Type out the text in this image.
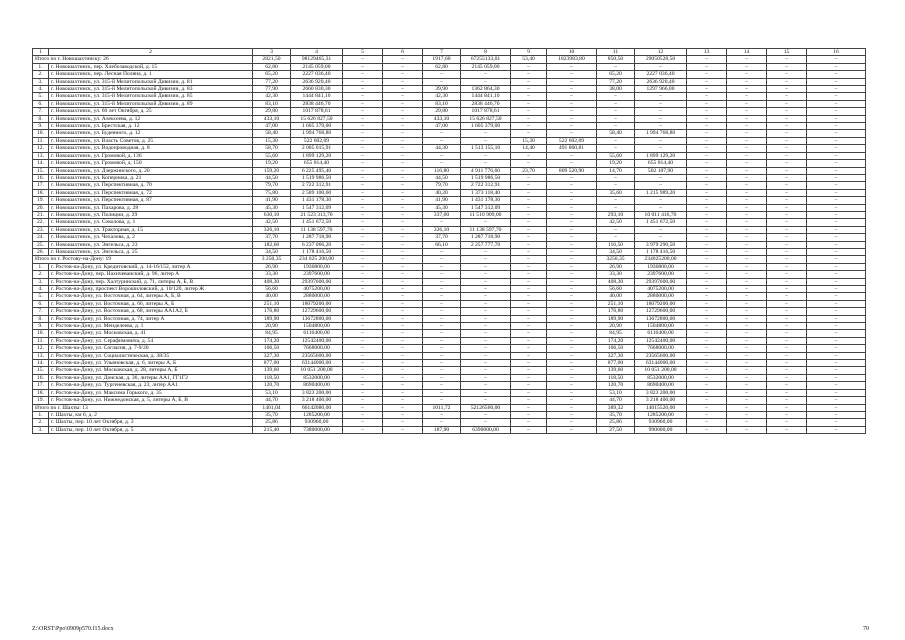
1	2	3	4	5	6	7	8	9	10	11	12	13	14	15	16
Итого по г. Новошахтинску: 26		2821,50	98129465,31	–	–	1917,60	67255133,01	53,40	1823983,80	850,50	29050528,50	–	–	–	–
1.	г. Новошахтинск, пер. Хлебозаводской, д. 15	62,80	2145 059,00	–	–	62,80	2145 059,00	–	–	–	–	–	–	–	–
2.	г. Новошахтинск, пер. Лесная Поляна, д. 1	65,20	2227 036,40	–	–	–	–	–	–	65,20	2227 036,40	–	–	–	–
3.	г. Новошахтинск, ул. 315-й Мелитопольской Дивизии, д. 81	77,20	2636 920,40	–	–	–	–	–	–	77,20	2636 920,40	–	–	–	–
4.	г. Новошахтинск, ул. 315-й Мелитопольской Дивизии, д. 83	77,90	2660 830,30	–	–	39,90	1362 864,30	–	–	38,00	1297 966,00	–	–	–	–
5.	г. Новошахтинск, ул. 315-й Мелитопольской Дивизии, д. 85	42,30	1444 841,10	–	–	42,30	1444 841,10	–	–	–	–	–	–	–	–
6.	г. Новошахтинск, ул. 315-й Мелитопольской Дивизии, д. 89	83,10	2838 446,70	–	–	83,10	2838 446,70	–	–	–	–	–	–	–	–
7.	г. Новошахтинск, ул. 60 лет Октября, д. 25	29,80	1017 878,61	–	–	29,80	1017 878,61	–	–	–	–	–	–	–	–
8.	г. Новошахтинск, ул. Алексеева, д. 12	433,10	15 626 827,50	–	–	433,10	15 626 827,50	–	–	–	–	–	–	–	–
9.	г. Новошахтинск, ул. Брестская, д. 12	47,00	1 605 379,00	–	–	47,00	1 605 379,00	–	–	–	–	–	–	–	–
10.	г. Новошахтинск, ул. Буденного, д. 12	58,40	1 994 768,80	–	–	–	–	–	–	58,40	1 994 768,80	–	–	–	–
11.	г. Новошахтинск, ул. Власть Советов, д. 25	15,30	522 602,09	–	–	–	–	15,30	522 602,09	–	–	–	–	–	–
12.	г. Новошахтинск, ул. Водопроводная, д. 8	58,70	2 005 015,91	–	–	44,30	1 513 155,10	14,40	491 860,81	–	–	–	–	–	–
13.	г. Новошахтинск, ул. Громовой, д. 136	55,60	1 899 129,20	–	–	–	–	–	–	55,60	1 899 129,20	–	–	–	–
14.	г. Новошахтинск, ул. Громовой, д. 150	19,20	655 814,40	–	–	–	–	–	–	19,20	655 814,40	–	–	–	–
15.	г. Новошахтинск, ул. Дзержинского, д. 20	159,20	6 225 495,40	–	–	116,80	4 911 776,60	23,70	809 520,90	14,70	502 107,90	–	–	–	–
16.	г. Новошахтинск, ул. Коперника, д. 21	44,50	1 519 986,50	–	–	44,50	1 519 986,50	–	–	–	–	–	–	–	–
17.	г. Новошахтинск, ул. Перспективная, д. 70	79,70	2 722 312,91	–	–	79,70	2 722 312,91	–	–	–	–	–	–	–	–
18.	г. Новошахтинск, ул. Перспективная, д. 72	75,80	2 589 100,60	–	–	40,20	1 373 118,40	–	–	35,60	1 215 989,20	–	–	–	–
19.	г. Новошахтинск, ул. Перспективная, д. 87	41,90	1 431 178,30	–	–	41,90	1 431 178,30	–	–	–	–	–	–	–	–
20.	г. Новошахтинск, ул. Пахарова, д. 28	45,30	1 547 312,09	–	–	45,30	1 547 312,09	–	–	–	–	–	–	–	–
21.	г. Новошахтинск, ул. Полиции, д. 29	630,10	21 523 313,70	–	–	337,00	11 510 909,00	–	–	293,10	10 011 416,70	–	–	–	–
22.	г. Новошахтинск, ул. Соколова, д. 1	42,50	1 451 672,50	–	–	–	–	–	–	42,50	1 451 672,50	–	–	–	–
23.	г. Новошахтинск, ул. Тракторная, д. 15	326,10	11 138 597,70	–	–	326,10	11 138 597,70	–	–	–	–	–	–	–	–
24.	г. Новошахтинск, ул. Чехалова, д. 2	37,70	1 287 718,90	–	–	37,70	1 287 718,90	–	–	–	–	–	–	–	–
25.	г. Новошахтинск, ул. Энгельса, д. 23	182,60	6 237 066,20	–	–	66,10	2 257 777,70	–	–	116,50	3 979 290,50	–	–	–	–
26.	г. Новошахтинск, ул. Энгельса, д. 25	34,50	1 178 416,50	–	–	–	–	–	–	34,50	1 178 416,50	–	–	–	–
Итого по г. Ростову-на-Дону: 19		3 250,35	234 025 200,00	–	–	–	–	–	–	3250,35	234025200,00	–	–	–	–
1.	г. Ростов-на-Дону, ул. Кредитовский, д. 14-16/152, литер А	26,90	1936800,00	–	–	–	–	–	–	26,90	1936800,00	–	–	–	–
2.	г. Ростов-на-Дону, пер. Нахичеванский, д. 96, литер А	33,30	2397600,00	–	–	–	–	–	–	33,30	2397600,00	–	–	–	–
3.	г. Ростов-на-Дону, пер. Халтуринский, д. 71, литеры А, Б, В	408,30	29397600,00	–	–	–	–	–	–	408,30	29397600,00	–	–	–	–
4.	г. Ростов-на-Дону, проспект Ворошиловский, д. 10/120, литер Ж	56,60	4075200,00	–	–	–	–	–	–	56,60	4075200,00	–	–	–	–
5.	г. Ростов-на-Дону, ул. Восточная, д. 64, литеры А, Б, В	40,00	2880000,00	–	–	–	–	–	–	40,00	2880000,00	–	–	–	–
6.	г. Ростов-на-Дону, ул. Восточная, д. 66, литеры А, Б	251,10	18079200,00	–	–	–	–	–	–	251,10	18079200,00	–	–	–	–
7.	г. Ростов-на-Дону, ул. Восточная, д. 68, литеры АА1А2, Б	176,80	12729600,00	–	–	–	–	–	–	176,80	12729600,00	–	–	–	–
8.	г. Ростов-на-Дону, ул. Восточная, д. 74, литер А	189,90	13672800,00	–	–	–	–	–	–	189,90	13672800,00	–	–	–	–
9.	г. Ростов-на-Дону, ул. Менделеева, д. 1	20,90	1504800,00	–	–	–	–	–	–	20,90	1504800,00	–	–	–	–
10.	г. Ростов-на-Дону, ул. Московская, д. 41	84,95	6116400,00	–	–	–	–	–	–	84,95	6116400,00	–	–	–	–
11.	г. Ростов-на-Дону, ул. Серафимовича, д. 54	174,20	12542400,00	–	–	–	–	–	–	174,20	12542400,00	–	–	–	–
12.	г. Ростов-на-Дону, ул. Согласия, д. 7-9/20	106,50	7668000,00	–	–	–	–	–	–	106,50	7668000,00	–	–	–	–
13.	г. Ростов-на-Дону, ул. Социалистическая, д. 38/35	327,30	23565600,00	–	–	–	–	–	–	327,30	23565600,00	–	–	–	–
14.	г. Ростов-на-Дону, ул. Ульяновская, д. 6, литеры А, Б	877,00	63144000,00	–	–	–	–	–	–	877,00	63144000,00	–	–	–	–
15.	г. Ростов-на-Дону, ул. Московская, д. 28, литеры А, Б	139,60	10 051 200,00	–	–	–	–	–	–	139,60	10 051 200,00	–	–	–	–
16.	г. Ростов-на-Дону, ул. Донская, д. 36, литеры АА1, ГГ1Г2	118,50	8532000,00	–	–	–	–	–	–	118,50	8532000,00	–	–	–	–
17.	г. Ростов-на-Дону, ул. Тургеневская, д. 23, литер АА1	120,70	8690400,00	–	–	–	–	–	–	120,70	8690400,00	–	–	–	–
18.	г. Ростов-на-Дону, ул. Максима Горького, д. 35	53,10	3 823 200,00	–	–	–	–	–	–	53,10	3 823 200,00	–	–	–	–
19.	г. Ростов-на-Дону, ул. Нижнедонская, д. 5, литеры А, Б, В	44,70	3 218 400,00	–	–	–	–	–	–	44,70	3 218 400,00	–	–	–	–
Итого по г. Шахты: 13		1401,04	66142080,00	–	–	1011,72	52126560,00	–	–	389,32	14015520,00	–	–	–	–
1.	г. Шахты, км 6, д. 2	35,70	1285200,00	–	–	–	–	–	–	35,70	1285200,00	–	–	–	–
2.	г. Шахты, пер. 10 лет Октября, д. 3	25,86	930960,00	–	–	–	–	–	–	25,86	930960,00	–	–	–	–
3.	г. Шахты, пер. 10 лет Октября, д. 5	215,40	7380000,00	–	–	187,90	6390000,00	–	–	27,50	990000,00	–	–	–	–
Z:\ORST\Ppo\0909p570.f15.docx	70
